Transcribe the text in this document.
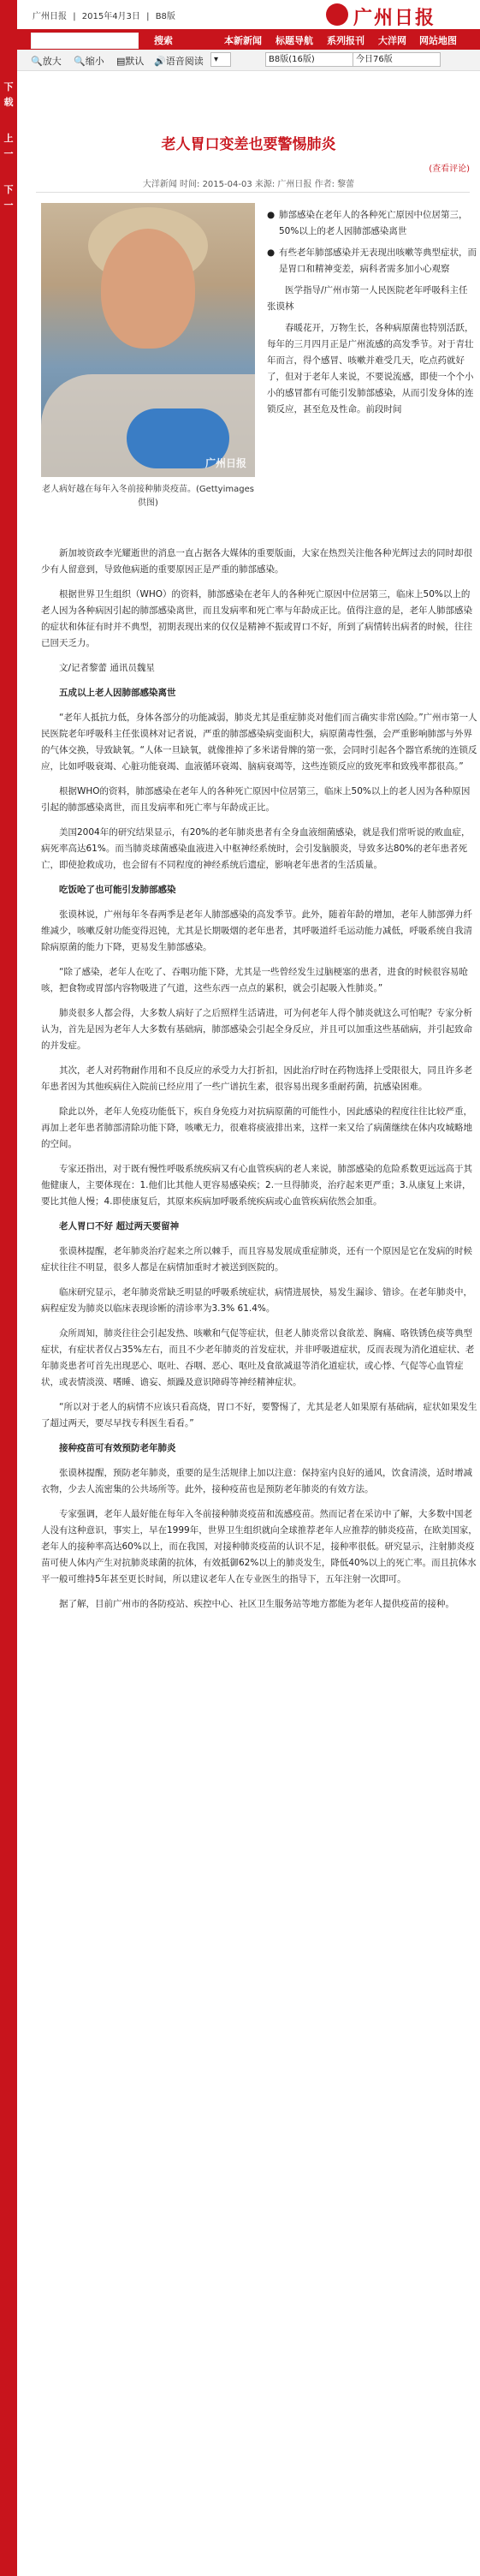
下
载
上
一
下
一
广州日报 | 2015年4月3日 | B8版	广州日报
搜索	本新新闻 标题导航 系列报刊 大洋网 网站地图
🔍放大 🔍缩小 ▤默认 🔊语音阅读	▾	B8版(16版)	今日76版
老人胃口变差也要警惕肺炎
(查看评论)
大洋新闻 时间: 2015-04-03 来源: 广州日报 作者: 黎蕾
广州日报
老人病好越在每年入冬前接种肺炎疫苗。(Gettyimages供图)
● 肺部感染在老年人的各种死亡原因中位居第三，50%以上的老人因肺部感染离世
● 有些老年肺部感染并无表现出咳嗽等典型症状，而是胃口和精神变差，病科者需多加小心观察

医学指导/广州市第一人民医院老年呼吸科主任张谟林

春暖花开，万物生长，各种病原菌也特别活跃，每年的三月四月正是广州流感的高发季节。对于青壮年而言，得个感冒、咳嗽并难受几天，吃点药就好了，但对于老年人来说，不要说流感，即使一个个小小的感冒都有可能引发肺部感染，从而引发身体的连锁反应，甚至危及性命。前段时间

新加坡资政李光耀逝世的消息一直占据各大媒体的重要版面，大家在热烈关注他各种光辉过去的同时却很少有人留意到，导致他病逝的重要原因正是严重的肺部感染。

根据世界卫生组织（WHO）的资料，肺部感染在老年人的各种死亡原因中位居第三，临床上50%以上的老人因为各种病因引起的肺部感染离世，而且发病率和死亡率与年龄成正比。值得注意的是，老年人肺部感染的症状和体征有时并不典型，初期表现出来的仅仅是精神不振或胃口不好，所到了病情转出病者的时候，往往已回天乏力。

文/记者黎蕾 通讯员魏星

五成以上老人因肺部感染离世

“老年人抵抗力低，身体各部分的功能减弱，肺炎尤其是重症肺炎对他们而言确实非常凶险。”广州市第一人民医院老年呼吸科主任张谟林对记者说，严重的肺部感染病变面积大，病原菌毒性强，会严重影响肺部与外界的气体交换，导致缺氧。“人体一旦缺氧，就像推掉了多米诺骨牌的第一张，会同时引起各个器官系统的连锁反应，比如呼吸衰竭、心脏功能衰竭、血液循环衰竭、脑病衰竭等，这些连锁反应的致死率和致残率都很高。”

根据WHO的资料，肺部感染在老年人的各种死亡原因中位居第三，临床上50%以上的老人因为各种原因引起的肺部感染离世，而且发病率和死亡率与年龄成正比。

美国2004年的研究结果显示，有20%的老年肺炎患者有全身血液细菌感染，就是我们常听说的败血症，病死率高达61%。而当肺炎球菌感染血液进入中枢神经系统时，会引发脑膜炎，导致多达80%的老年患者死亡，即使抢救成功，也会留有不同程度的神经系统后遗症，影响老年患者的生活质量。

吃饭呛了也可能引发肺部感染

张谟林说，广州每年冬春两季是老年人肺部感染的高发季节。此外，随着年龄的增加，老年人肺部弹力纤维减少，咳嗽反射功能变得迟钝，尤其是长期吸烟的老年患者，其呼吸道纤毛运动能力减低，呼吸系统自我清除病原菌的能力下降，更易发生肺部感染。

“除了感染，老年人在吃了、吞咽功能下降，尤其是一些曾经发生过脑梗塞的患者，进食的时候很容易呛咳，把食物或胃部内容物吸进了气道，这些东西一点点的累积，就会引起吸入性肺炎。”

肺炎很多人都会得，大多数人病好了之后照样生活请进，可为何老年人得个肺炎就这么可怕呢？专家分析认为，首先是因为老年人大多数有基础病，肺部感染会引起全身反应，并且可以加重这些基础病，并引起致命的并发症。

其次，老人对药物耐作用和不良反应的承受力大打折扣，因此治疗时在药物选择上受限很大，同且许多老年患者因为其他疾病住入院前已经应用了一些广谱抗生素，很容易出现多重耐药菌，抗感染困难。

除此以外，老年人免疫功能低下，疾自身免疫力对抗病原菌的可能性小，因此感染的程度往往比较严重，再加上老年患者肺部清除功能下降，咳嗽无力，很难将痰液排出来，这样一来又给了病菌继续在体内攻城略地的空间。

专家还指出，对于既有慢性呼吸系统疾病又有心血管疾病的老人来说，肺部感染的危险系数更远远高于其他健康人，主要体现在：1.他们比其他人更容易感染疾；2.一旦得肺炎，治疗起来更严重；3.从康复上来讲，要比其他人慢；4.即使康复后，其原来疾病加呼吸系统疾病或心血管疾病依然会加重。

老人胃口不好 超过两天要留神

张谟林提醒，老年肺炎治疗起来之所以棘手，而且容易发展成重症肺炎，还有一个原因是它在发病的时候症状往往不明显，很多人都是在病情加重时才被送到医院的。

临床研究显示，老年肺炎常缺乏明显的呼吸系统症状，病情进展快，易发生漏诊、错诊。在老年肺炎中，病程症发为肺炎以临床表现诊断的清诊率为3.3% 61.4%。

众所周知，肺炎往往会引起发热、咳嗽和气促等症状，但老人肺炎常以食欲差、胸痛、咯铁锈色痰等典型症状，有症状者仅占35%左右，而且不少老年肺炎的首发症状，并非呼吸道症状，反而表现为消化道症状、老年肺炎患者可首先出现恶心、呕吐、吞咽、恶心、呕吐及食欲减退等消化道症状，或心悸、气促等心血管症状，或表情淡漠、嗜睡、谵妄、烦躁及意识障碍等神经精神症状。

“所以对于老人的病情不应该只看高烧，胃口不好，要警惕了，尤其是老人如果原有基础病，症状如果发生了超过两天，要尽早找专科医生看看。”

接种疫苗可有效预防老年肺炎

张谟林提醒，预防老年肺炎，重要的是生活规律上加以注意：保持室内良好的通风，饮食清淡，适时增减衣物，少去人流密集的公共场所等。此外，接种疫苗也是预防老年肺炎的有效方法。

专家强调，老年人最好能在每年入冬前接种肺炎疫苗和流感疫苗。然而记者在采访中了解，大多数中国老人没有这种意识，事实上，早在1999年，世界卫生组织就向全球推荐老年人应推荐的肺炎疫苗，在欧美国家，老年人的接种率高达60%以上，而在我国，对接种肺炎疫苗的认识不足，接种率很低。研究显示，注射肺炎疫苗可使人体内产生对抗肺炎球菌的抗体，有效抵御62%以上的肺炎发生，降低40%以上的死亡率。而且抗体水平一般可维持5年甚至更长时间，所以建议老年人在专业医生的指导下，五年注射一次即可。

据了解，目前广州市的各防疫站、疾控中心、社区卫生服务站等地方都能为老年人提供疫苗的接种。
